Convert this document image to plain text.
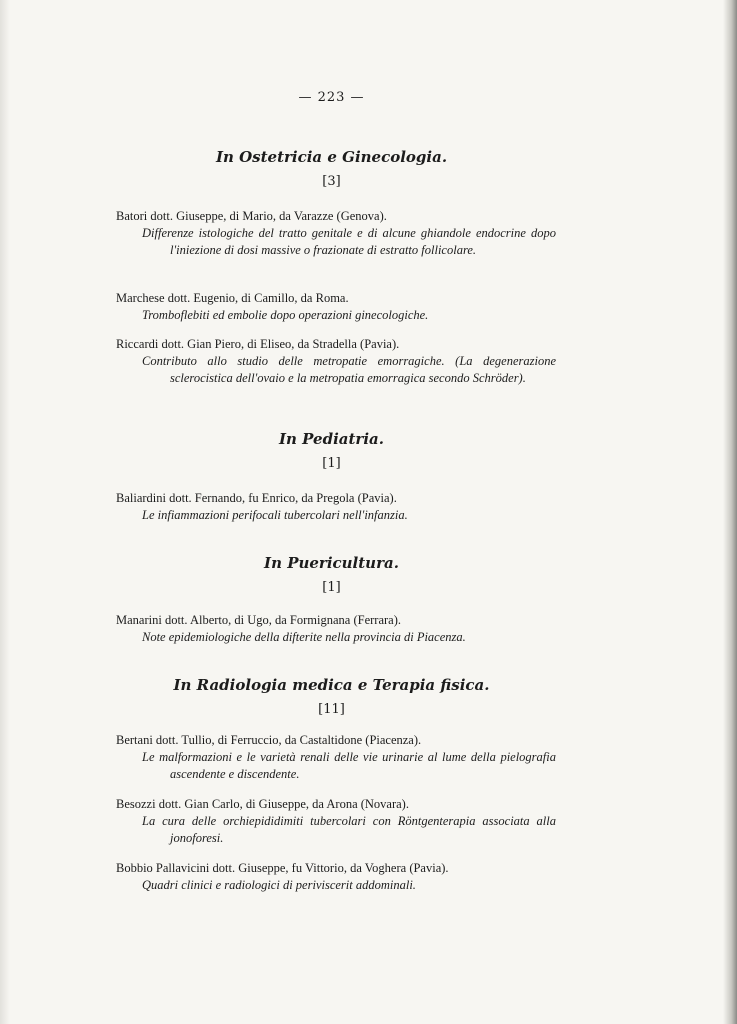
— 223 —
In Ostetricia e Ginecologia.
[3]
Batori dott. Giuseppe, di Mario, da Varazze (Genova).
Differenze istologiche del tratto genitale e di alcune ghiandole endocrine dopo l'iniezione di dosi massive o frazionate di estratto follicolare.
Marchese dott. Eugenio, di Camillo, da Roma.
Tromboflebiti ed embolie dopo operazioni ginecologiche.
Riccardi dott. Gian Piero, di Eliseo, da Stradella (Pavia).
Contributo allo studio delle metropatie emorragiche. (La degenerazione sclerocistica dell'ovaio e la metropatia emorragica secondo Schröder).
In Pediatria.
[1]
Baliardini dott. Fernando, fu Enrico, da Pregola (Pavia).
Le infiammazioni perifocali tubercolari nell'infanzia.
In Puericultura.
[1]
Manarini dott. Alberto, di Ugo, da Formignana (Ferrara).
Note epidemiologiche della difterite nella provincia di Piacenza.
In Radiologia medica e Terapia fisica.
[11]
Bertani dott. Tullio, di Ferruccio, da Castaltidone (Piacenza).
Le malformazioni e le varietà renali delle vie urinarie al lume della pielografia ascendente e discendente.
Besozzi dott. Gian Carlo, di Giuseppe, da Arona (Novara).
La cura delle orchiepididimiti tubercolari con Röntgenterapia associata alla jonoforesi.
Bobbio Pallavicini dott. Giuseppe, fu Vittorio, da Voghera (Pavia).
Quadri clinici e radiologici di periviscerit addominali.
